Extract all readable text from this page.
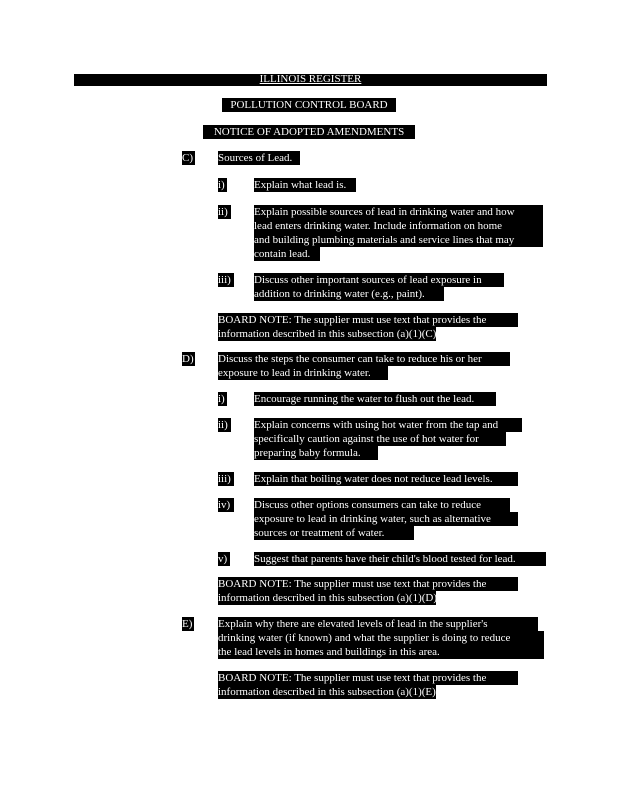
ILLINOIS REGISTER
POLLUTION CONTROL BOARD
NOTICE OF ADOPTED AMENDMENTS
C) Sources of Lead.
i)	Explain what lead is.
ii) Explain possible sources of lead in drinking water and how
lead enters drinking water. Include information on home
and building plumbing materials and service lines that may
contain lead.
iii) Discuss other important sources of lead exposure in
addition to drinking water (e.g., paint).
BOARD NOTE: The supplier must use text that provides the
information described in this subsection (a)(1)(C).
D) Discuss the steps the consumer can take to reduce his or her
exposure to lead in drinking water.
i)	Encourage running the water to flush out the lead.
ii) Explain concerns with using hot water from the tap and
specifically caution against the use of hot water for
preparing baby formula.
iii) Explain that boiling water does not reduce lead levels.
iv)	Discuss other options consumers can take to reduce
exposure to lead in drinking water, such as alternative
sources or treatment of water.
v) Suggest that parents have their child's blood tested for lead.
BOARD NOTE: The supplier must use text that provides the
information described in this subsection (a)(1)(D).
E) Explain why there are elevated levels of lead in the supplier's
drinking water (if known) and what the supplier is doing to reduce
the lead levels in homes and buildings in this area.
BOARD NOTE: The supplier must use text that provides the
information described in this subsection (a)(1)(E).
